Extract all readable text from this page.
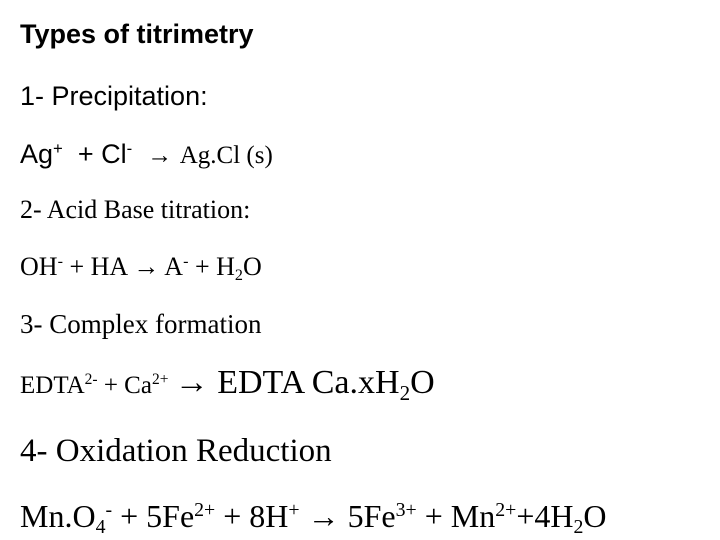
Types of titrimetry
1- Precipitation:
Ag+ + Cl- → Ag.Cl (s)
2- Acid Base titration:
OH- + HA → $A^- + H_2O$
3- Complex formation
$EDTA^{2-} + Ca^{2+}$ → EDTA $Ca.xH_2O$
4- Oxidation Reduction
$Mn.O_4^- + 5Fe^{2+} + 8H^+ \to 5Fe^{3+} + Mn^{2+}+4H_2O$
